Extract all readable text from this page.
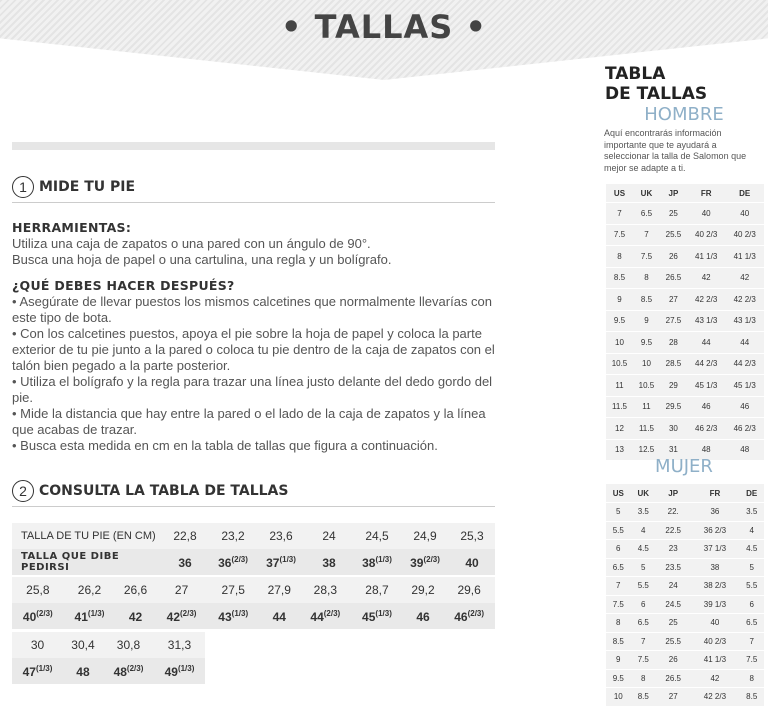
• TALLAS •
1 MIDE TU PIE
HERRAMIENTAS:
Utiliza una caja de zapatos o una pared con un ángulo de 90°.
Busca una hoja de papel o una cartulina, una regla y un bolígrafo.
¿QUÉ DEBES HACER DESPUÉS?
• Asegúrate de llevar puestos los mismos calcetines que normalmente llevarías con este tipo de bota.
• Con los calcetines puestos, apoya el pie sobre la hoja de papel y coloca la parte exterior de tu pie junto a la pared o coloca tu pie dentro de la caja de zapatos con el talón bien pegado a la parte posterior.
• Utiliza el bolígrafo y la regla para trazar una línea justo delante del dedo gordo del pie.
• Mide la distancia que hay entre la pared o el lado de la caja de zapatos y la línea que acabas de trazar.
• Busca esta medida en cm en la tabla de tallas que figura a continuación.
2 CONSULTA LA TABLA DE TALLAS
TALLA DE TU PIE (EN CM)	22,8	23,2	23,6	24	24,5	24,9	25,3
TALLA QUE DIBE PEDIRSI	36	$36^{(2/3)}$	$37^{(1/3)}$	38	$38^{(1/3)}$	$39^{(2/3)}$	40
25,8	26,2	26,6	27	27,5	27,9	28,3	28,7	29,2	29,6
$40^{(2/3)}$	$41^{(1/3)}$	42	$42^{(2/3)}$	$43^{(1/3)}$	44	$44^{(2/3)}$	$45^{(1/3)}$	46	$46^{(2/3)}$
30	30,4	30,8	31,3
$47^{(1/3)}$	48	$48^{(2/3)}$	$49^{(1/3)}$
TABLA
DE TALLAS
HOMBRE
Aquí encontrarás información importante que te ayudará a seleccionar la talla de Salomon que mejor se adapte a ti.
US	UK	JP	FR	DE
7	6.5	25	40	40
7.5	7	25.5	40 2/3	40 2/3
8	7.5	26	41 1/3	41 1/3
8.5	8	26.5	42	42
9	8.5	27	42 2/3	42 2/3
9.5	9	27.5	43 1/3	43 1/3
10	9.5	28	44	44
10.5	10	28.5	44 2/3	44 2/3
11	10.5	29	45 1/3	45 1/3
11.5	11	29.5	46	46
12	11.5	30	46 2/3	46 2/3
13	12.5	31	48	48
MUJER
US	UK	JP	FR	DE
5	3.5	22.	36	3.5
5.5	4	22.5	36 2/3	4
6	4.5	23	37 1/3	4.5
6.5	5	23.5	38	5
7	5.5	24	38 2/3	5.5
7.5	6	24.5	39 1/3	6
8	6.5	25	40	6.5
8.5	7	25.5	40 2/3	7
9	7.5	26	41 1/3	7.5
9.5	8	26.5	42	8
10	8.5	27	42 2/3	8.5
